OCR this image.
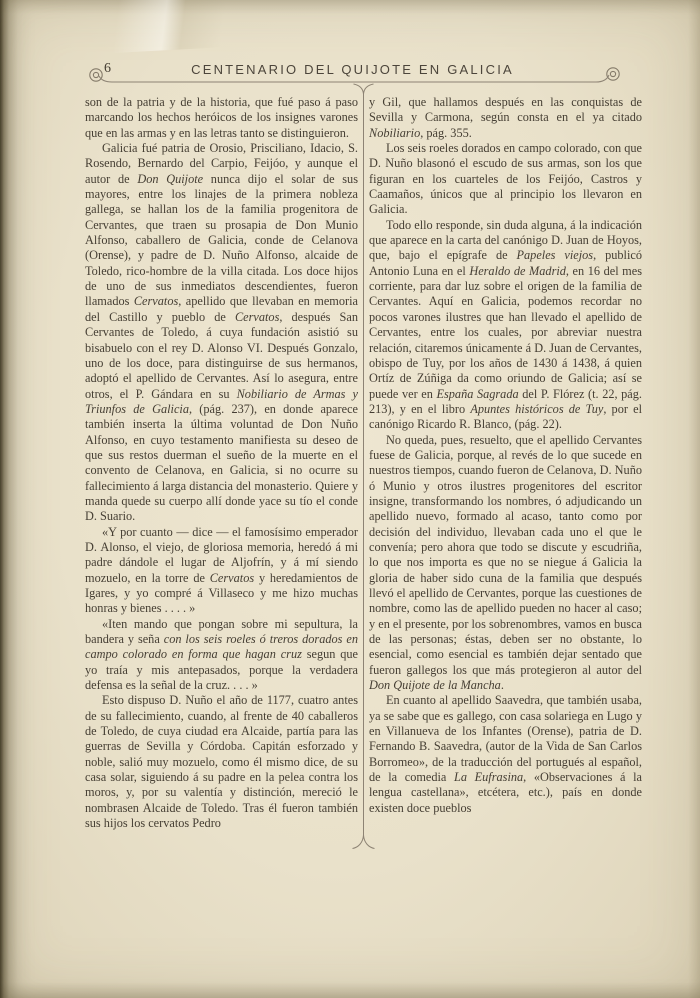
6	CENTENARIO DEL QUIJOTE EN GALICIA

son de la patria y de la historia, que fué paso á paso marcando los hechos heróicos de los insignes varones que en las armas y en las letras tanto se distinguieron.

Galicia fué patria de Orosio, Prisciliano, Idacio, S. Rosendo, Bernardo del Carpio, Feijóo, y aunque el autor de Don Quijote nunca dijo el solar de sus mayores, entre los linajes de la primera nobleza gallega, se hallan los de la familia progenitora de Cervantes, que traen su prosapia de Don Munio Alfonso, caballero de Galicia, conde de Celanova (Orense), y padre de D. Nuño Alfonso, alcaide de Toledo, rico-hombre de la villa citada. Los doce hijos de uno de sus inmediatos descendientes, fueron llamados Cervatos, apellido que llevaban en memoria del Castillo y pueblo de Cervatos, después San Cervantes de Toledo, á cuya fundación asistió su bisabuelo con el rey D. Alonso VI. Después Gonzalo, uno de los doce, para distinguirse de sus hermanos, adoptó el apellido de Cervantes. Así lo asegura, entre otros, el P. Gándara en su Nobiliario de Armas y Triunfos de Galicia, (pág. 237), en donde aparece también inserta la última voluntad de Don Nuño Alfonso, en cuyo testamento manifiesta su deseo de que sus restos duerman el sueño de la muerte en el convento de Celanova, en Galicia, si no ocurre su fallecimiento á larga distancia del monasterio. Quiere y manda quede su cuerpo allí donde yace su tío el conde D. Suario.

«Y por cuanto — dice — el famosísimo emperador D. Alonso, el viejo, de gloriosa memoria, heredó á mi padre dándole el lugar de Aljofrín, y á mí siendo mozuelo, en la torre de Cervatos y heredamientos de Igares, y yo compré á Villaseco y me hizo muchas honras y bienes . . . . »

«Iten mando que pongan sobre mi sepultura, la bandera y seña con los seis roeles ó treros dorados en campo colorado en forma que hagan cruz segun que yo traía y mis antepasados, porque la verdadera defensa es la señal de la cruz. . . . »

Esto dispuso D. Nuño el año de 1177, cuatro antes de su fallecimiento, cuando, al frente de 40 caballeros de Toledo, de cuya ciudad era Alcaide, partía para las guerras de Sevilla y Córdoba. Capitán esforzado y noble, salió muy mozuelo, como él mismo dice, de su casa solar, siguiendo á su padre en la pelea contra los moros, y, por su valentía y distinción, mereció le nombrasen Alcaide de Toledo. Tras él fueron también sus hijos los cervatos Pedro

y Gil, que hallamos después en las conquistas de Sevilla y Carmona, según consta en el ya citado Nobiliario, pág. 355.

Los seis roeles dorados en campo colorado, con que D. Nuño blasonó el escudo de sus armas, son los que figuran en los cuarteles de los Feijóo, Castros y Caamaños, únicos que al principio los llevaron en Galicia.

Todo ello responde, sin duda alguna, á la indicación que aparece en la carta del canónigo D. Juan de Hoyos, que, bajo el epígrafe de Papeles viejos, publicó Antonio Luna en el Heraldo de Madrid, en 16 del mes corriente, para dar luz sobre el origen de la familia de Cervantes. Aquí en Galicia, podemos recordar no pocos varones ilustres que han llevado el apellido de Cervantes, entre los cuales, por abreviar nuestra relación, citaremos únicamente á D. Juan de Cervantes, obispo de Tuy, por los años de 1430 á 1438, á quien Ortíz de Zúñiga da como oriundo de Galicia; así se puede ver en España Sagrada del P. Flórez (t. 22, pág. 213), y en el libro Apuntes históricos de Tuy, por el canónigo Ricardo R. Blanco, (pág. 22).

No queda, pues, resuelto, que el apellido Cervantes fuese de Galicia, porque, al revés de lo que sucede en nuestros tiempos, cuando fueron de Celanova, D. Nuño ó Munio y otros ilustres progenitores del escritor insigne, transformando los nombres, ó adjudicando un apellido nuevo, formado al acaso, tanto como por decisión del individuo, llevaban cada uno el que le convenía; pero ahora que todo se discute y escudriña, lo que nos importa es que no se niegue á Galicia la gloria de haber sido cuna de la familia que después llevó el apellido de Cervantes, porque las cuestiones de nombre, como las de apellido pueden no hacer al caso; y en el presente, por los sobrenombres, vamos en busca de las personas; éstas, deben ser no obstante, lo esencial, como esencial es también dejar sentado que fueron gallegos los que más protegieron al autor del Don Quijote de la Mancha.

En cuanto al apellido Saavedra, que también usaba, ya se sabe que es gallego, con casa solariega en Lugo y en Villanueva de los Infantes (Orense), patria de D. Fernando B. Saavedra, (autor de la Vida de San Carlos Borromeo», de la traducción del portugués al español, de la comedia La Eufrasina, «Observaciones á la lengua castellana», etcétera, etc.), país en donde existen doce pueblos
